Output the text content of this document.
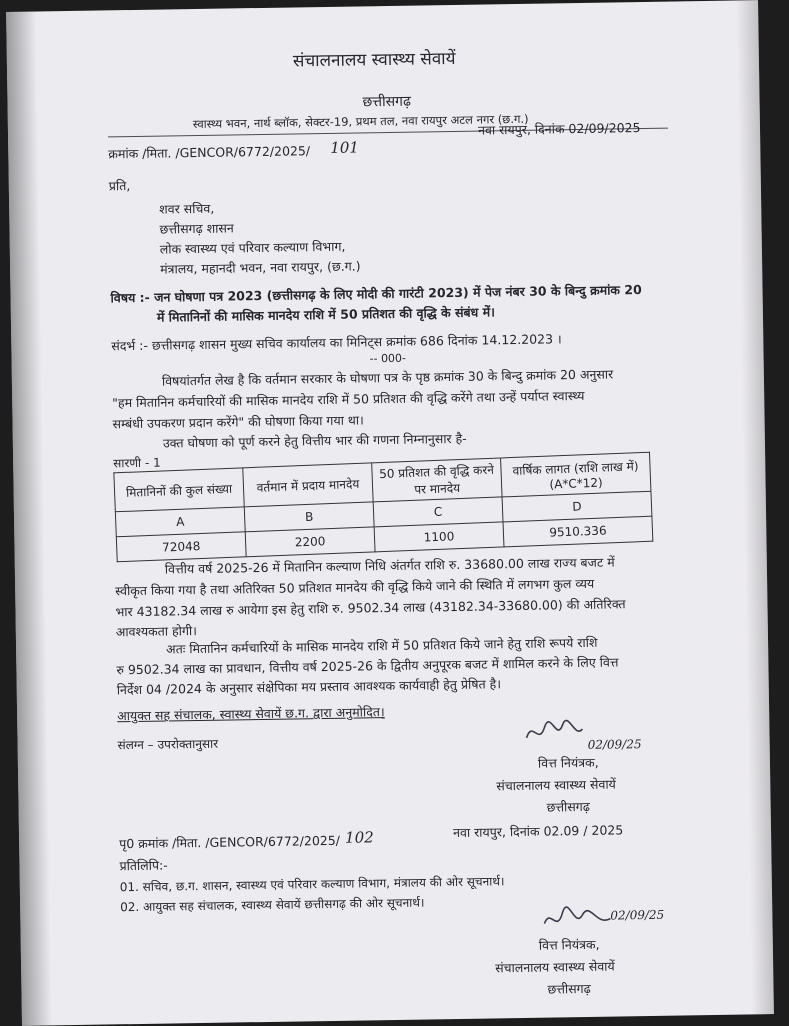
संचालनालय स्वास्थ्य सेवायें
छत्तीसगढ़
स्वास्थ्य भवन, नार्थ ब्लॉक, सेक्टर-19, प्रथम तल, नवा रायपुर अटल नगर (छ.ग.)
क्रमांक /मिता. /GENCOR/6772/2025/ 101
नवा रायपुर, दिनांक 02/09/2025
प्रति,
शवर सचिव,
छत्तीसगढ़ शासन
लोक स्वास्थ्य एवं परिवार कल्याण विभाग,
मंत्रालय, महानदी भवन, नवा रायपुर, (छ.ग.)
विषय :- जन घोषणा पत्र 2023 (छत्तीसगढ़ के लिए मोदी की गारंटी 2023) में पेज नंबर 30 के बिन्दु क्रमांक 20
में मितानिनों की मासिक मानदेय राशि में 50 प्रतिशत की वृद्धि के संबंध में।
संदर्भ :- छत्तीसगढ़ शासन मुख्य सचिव कार्यालय का मिनिट्स क्रमांक 686 दिनांक 14.12.2023 ।
-- 000-
विषयांतर्गत लेख है कि वर्तमान सरकार के घोषणा पत्र के पृष्ठ क्रमांक 30 के बिन्दु क्रमांक 20 अनुसार
"हम मितानिन कर्मचारियों की मासिक मानदेय राशि में 50 प्रतिशत की वृद्धि करेंगे तथा उन्हें पर्याप्त स्वास्थ्य
सम्बंधी उपकरण प्रदान करेंगे" की घोषणा किया गया था।
उक्त घोषणा को पूर्ण करने हेतु वित्तीय भार की गणना निम्नानुसार है-
सारणी - 1
मितानिनों की कुल संख्या	वर्तमान में प्रदाय मानदेय	50 प्रतिशत की वृद्धि करने पर मानदेय	वार्षिक लागत (राशि लाख में) (A*C*12)
A	B	C	D
72048	2200	1100	9510.336
वित्तीय वर्ष 2025-26 में मितानिन कल्याण निधि अंतर्गत राशि रु. 33680.00 लाख राज्य बजट में
स्वीकृत किया गया है तथा अतिरिक्त 50 प्रतिशत मानदेय की वृद्धि किये जाने की स्थिति में लगभग कुल व्यय
भार 43182.34 लाख रु आयेगा इस हेतु राशि रु. 9502.34 लाख (43182.34-33680.00) की अतिरिक्त
आवश्यकता होगी।
अतः मितानिन कर्मचारियों के मासिक मानदेय राशि में 50 प्रतिशत किये जाने हेतु राशि रूपये राशि
रु 9502.34 लाख का प्रावधान, वित्तीय वर्ष 2025-26 के द्वितीय अनुपूरक बजट में शामिल करने के लिए वित्त
निर्देश 04 /2024 के अनुसार संक्षेपिका मय प्रस्ताव आवश्यक कार्यवाही हेतु प्रेषित है।
आयुक्त सह संचालक, स्वास्थ्य सेवायें छ.ग. द्वारा अनुमोदित।
संलग्न – उपरोक्तानुसार	02/09/25
वित्त नियंत्रक,
संचालनालय स्वास्थ्य सेवायें
छत्तीसगढ़
पृ0 क्रमांक /मिता. /GENCOR/6772/2025/ 102	नवा रायपुर, दिनांक 02.09 / 2025
प्रतिलिपि:-
01. सचिव, छ.ग. शासन, स्वास्थ्य एवं परिवार कल्याण विभाग, मंत्रालय की ओर सूचनार्थ।
02. आयुक्त सह संचालक, स्वास्थ्य सेवायें छत्तीसगढ़ की ओर सूचनार्थ।
02/09/25
वित्त नियंत्रक,
संचालनालय स्वास्थ्य सेवायें
छत्तीसगढ़
